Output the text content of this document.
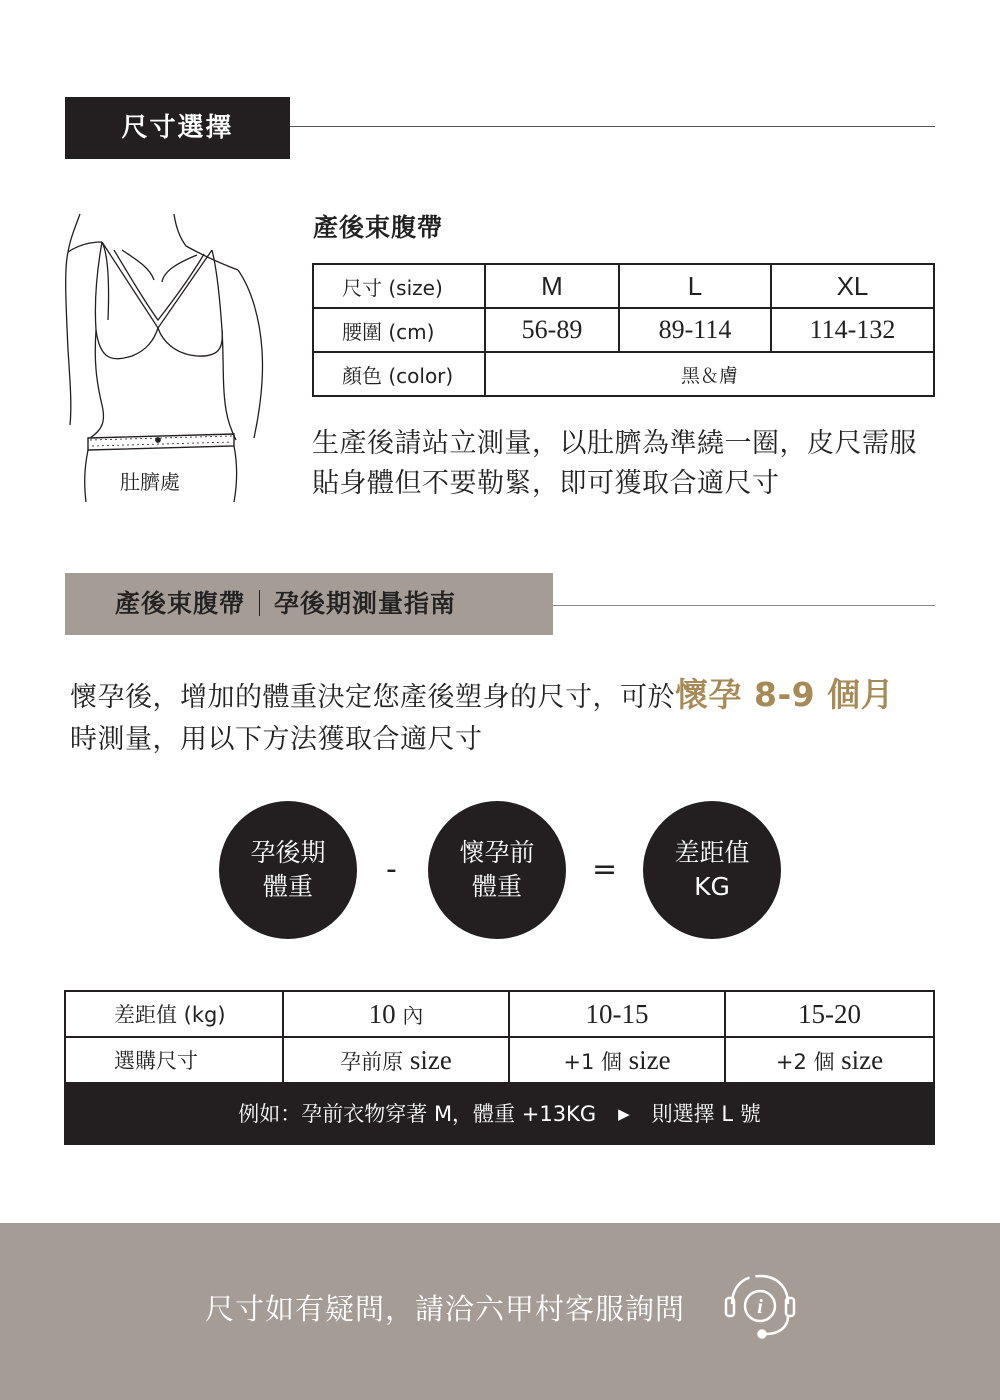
尺寸選擇
肚臍處
產後束腹帶
尺寸 (size)	M	L	XL
腰圍 (cm)	56-89	89-114	114-132
顏色 (color)	黑＆膚		
生產後請站立測量，以肚臍為準繞一圈，皮尺需服貼身體但不要勒緊，即可獲取合適尺寸
產後束腹帶 孕後期測量指南
懷孕後，增加的體重決定您產後塑身的尺寸，可於懷孕 8-9 個月
時測量，用以下方法獲取合適尺寸
孕後期
體重 -	懷孕前
體重 = 差距值
KG
差距值 (kg)	10 內	10-15	15-20
選購尺寸	孕前原 size	+1 個 size	+2 個 size
例如：孕前衣物穿著 M，體重 +13KG ▶ 則選擇 L 號
尺寸如有疑問，請洽六甲村客服詢問	i
